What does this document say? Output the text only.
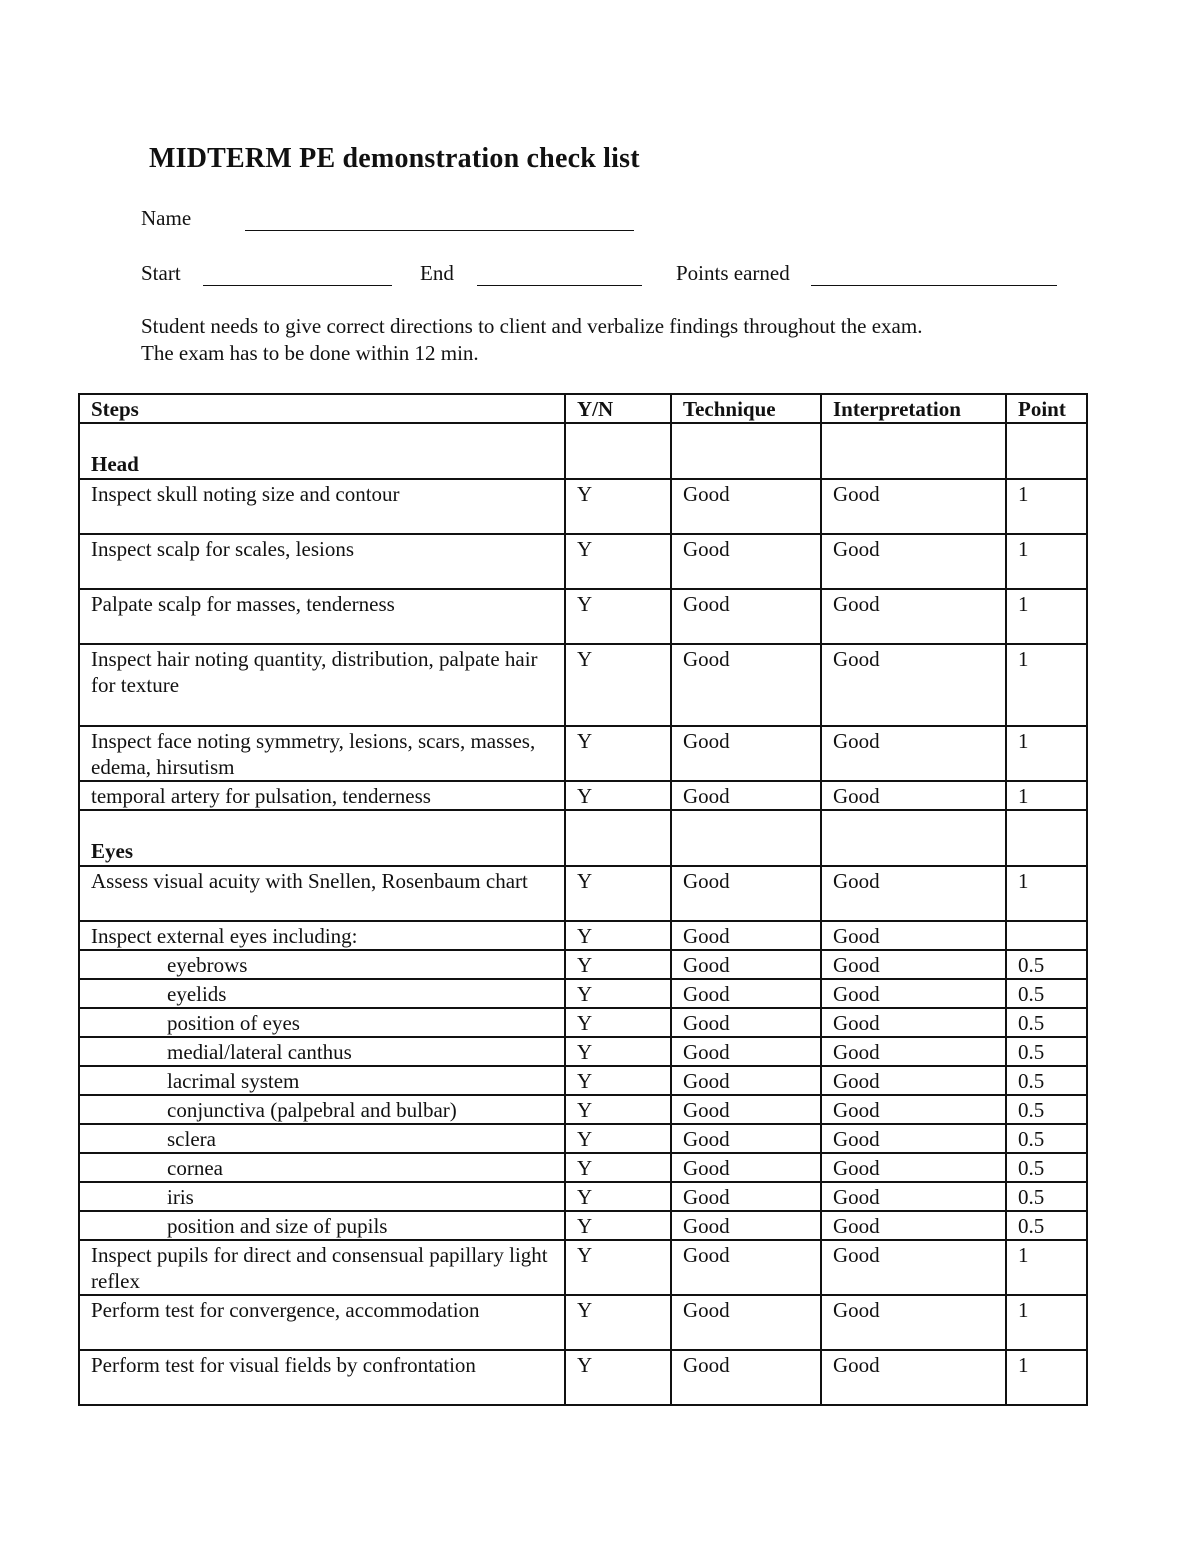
MIDTERM PE demonstration check list
Name
Start	End	Points earned
Student needs to give correct directions to client and verbalize findings throughout the exam.
The exam has to be done within 12 min.
Steps	Y/N	Technique	Interpretation	Point
Head				
Inspect skull noting size and contour	Y	Good	Good	1
Inspect scalp for scales, lesions	Y	Good	Good	1
Palpate scalp for masses, tenderness	Y	Good	Good	1
Inspect hair noting quantity, distribution, palpate hair for texture	Y	Good	Good	1
Inspect face noting symmetry, lesions, scars, masses, edema, hirsutism	Y	Good	Good	1
temporal artery for pulsation, tenderness	Y	Good	Good	1
Eyes				
Assess visual acuity with Snellen, Rosenbaum chart	Y	Good	Good	1
Inspect external eyes including:	Y	Good	Good	
eyebrows	Y	Good	Good	0.5
eyelids	Y	Good	Good	0.5
position of eyes	Y	Good	Good	0.5
medial/lateral canthus	Y	Good	Good	0.5
lacrimal system	Y	Good	Good	0.5
conjunctiva (palpebral and bulbar)	Y	Good	Good	0.5
sclera	Y	Good	Good	0.5
cornea	Y	Good	Good	0.5
iris	Y	Good	Good	0.5
position and size of pupils	Y	Good	Good	0.5
Inspect pupils for direct and consensual papillary light reflex	Y	Good	Good	1
Perform test for convergence, accommodation	Y	Good	Good	1
Perform test for visual fields by confrontation	Y	Good	Good	1
